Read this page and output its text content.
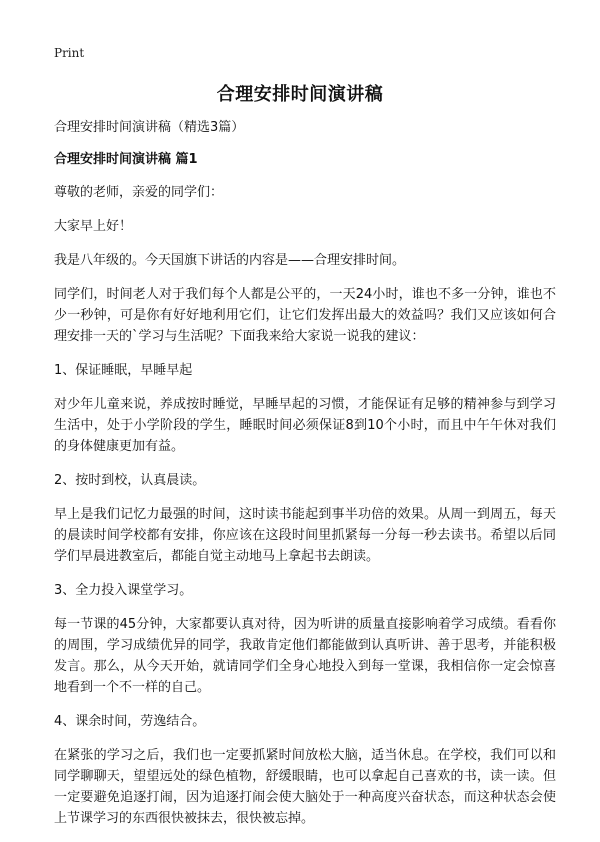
Print
合理安排时间演讲稿
合理安排时间演讲稿（精选3篇）
合理安排时间演讲稿 篇1

尊敬的老师，亲爱的同学们：

大家早上好！

我是八年级的。今天国旗下讲话的内容是——合理安排时间。

同学们，时间老人对于我们每个人都是公平的，一天24小时，谁也不多一分钟，谁也不少一秒钟，可是你有好好地利用它们，让它们发挥出最大的效益吗？我们又应该如何合理安排一天的`学习与生活呢？下面我来给大家说一说我的建议：

1、保证睡眠，早睡早起

对少年儿童来说，养成按时睡觉，早睡早起的习惯，才能保证有足够的精神参与到学习生活中，处于小学阶段的学生，睡眠时间必须保证8到10个小时，而且中午午休对我们的身体健康更加有益。

2、按时到校，认真晨读。

早上是我们记忆力最强的时间，这时读书能起到事半功倍的效果。从周一到周五，每天的晨读时间学校都有安排，你应该在这段时间里抓紧每一分每一秒去读书。希望以后同学们早晨进教室后，都能自觉主动地马上拿起书去朗读。

3、全力投入课堂学习。

每一节课的45分钟，大家都要认真对待，因为听讲的质量直接影响着学习成绩。看看你的周围，学习成绩优异的同学，我敢肯定他们都能做到认真听讲、善于思考，并能积极发言。那么，从今天开始，就请同学们全身心地投入到每一堂课，我相信你一定会惊喜地看到一个不一样的自己。

4、课余时间，劳逸结合。

在紧张的学习之后，我们也一定要抓紧时间放松大脑，适当休息。在学校，我们可以和同学聊聊天，望望远处的绿色植物，舒缓眼睛，也可以拿起自己喜欢的书，读一读。但一定要避免追逐打闹，因为追逐打闹会使大脑处于一种高度兴奋状态，而这种状态会使上节课学习的东西很快被抹去，很快被忘掉。
